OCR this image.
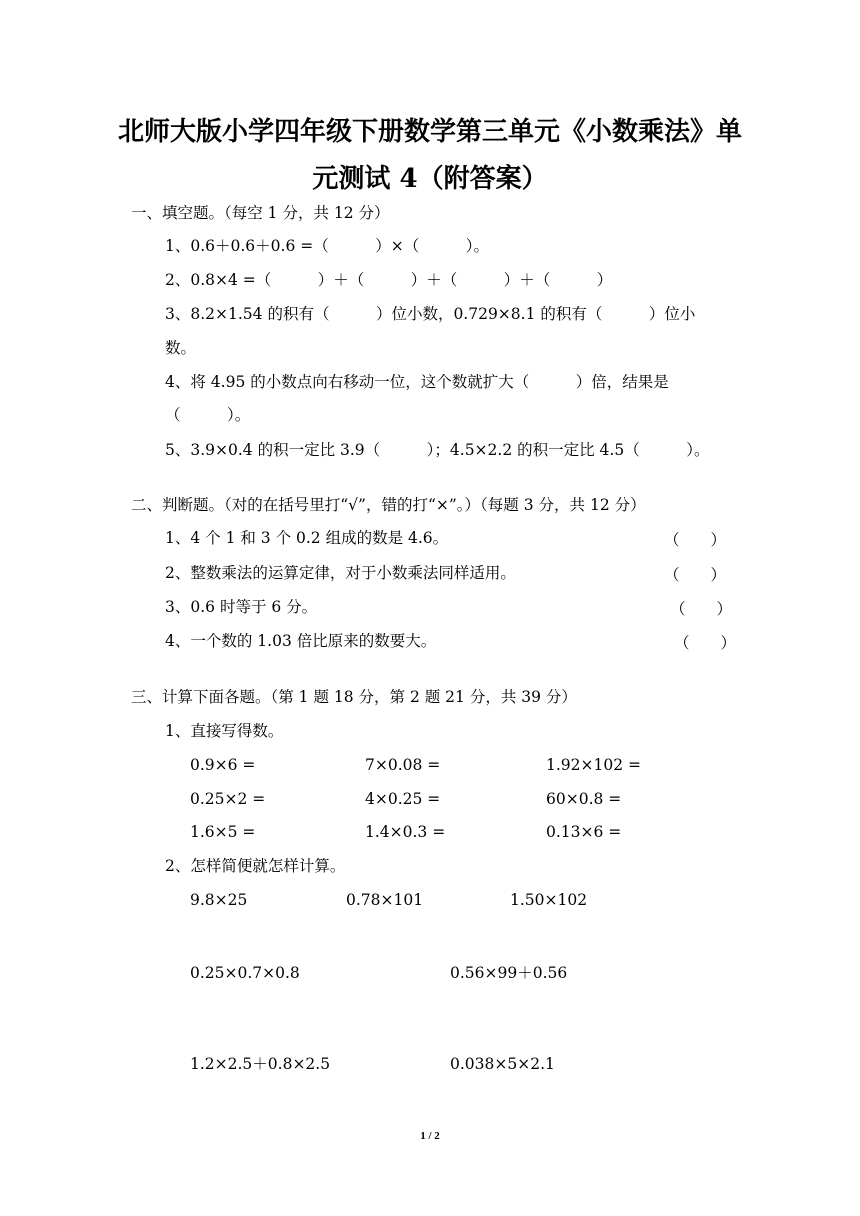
北师大版小学四年级下册数学第三单元《小数乘法》单
元测试 4（附答案）
一、填空题。（每空 1 分，共 12 分）
1、0.6＋0.6＋0.6 =（　　　）×（　　　）。
2、0.8×4 =（　　　）＋（　　　）＋（　　　）＋（　　　）
3、8.2×1.54 的积有（　　　）位小数，0.729×8.1 的积有（　　　）位小
数。
4、将 4.95 的小数点向右移动一位，这个数就扩大（　　　）倍，结果是
（　　　）。
5、3.9×0.4 的积一定比 3.9（　　　）；4.5×2.2 的积一定比 4.5（　　　）。
二、判断题。（对的在括号里打“√”，错的打“×”。）（每题 3 分，共 12 分）
1、4 个 1 和 3 个 0.2 组成的数是 4.6。	（　　）
2、整数乘法的运算定律，对于小数乘法同样适用。	（　　）
3、0.6 时等于 6 分。	（　　）
4、一个数的 1.03 倍比原来的数要大。	（　　）
三、计算下面各题。（第 1 题 18 分，第 2 题 21 分，共 39 分）
1、直接写得数。
0.9×6 =	7×0.08 =	1.92×102 =
0.25×2 =	4×0.25 =	60×0.8 =
1.6×5 =	1.4×0.3 =	0.13×6 =
2、怎样简便就怎样计算。
9.8×25	0.78×101	1.50×102
0.25×0.7×0.8	0.56×99＋0.56
1.2×2.5＋0.8×2.5	0.038×5×2.1
1 / 2
